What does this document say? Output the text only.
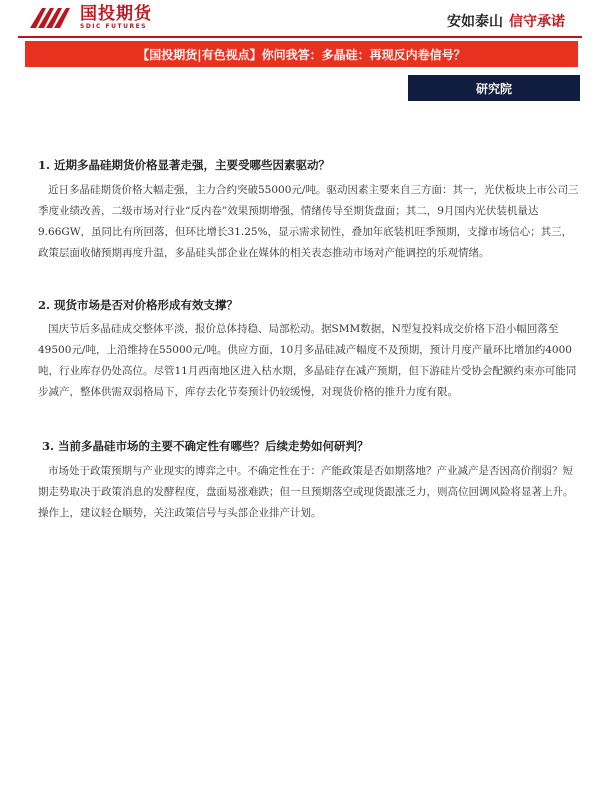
国投期货
SDIC FUTURES	安如泰山 信守承诺
【国投期货|有色视点】你问我答：多晶硅：再现反内卷信号？
研究院
1. 近期多晶硅期货价格显著走强，主要受哪些因素驱动？
近日多晶硅期货价格大幅走强，主力合约突破55000元/吨。驱动因素主要来自三方面：其一，光伏板块上市公司三季度业绩改善，二级市场对行业“反内卷”效果预期增强，情绪传导至期货盘面；其二，9月国内光伏装机量达9.66GW，虽同比有所回落，但环比增长31.25%，显示需求韧性，叠加年底装机旺季预期，支撑市场信心；其三，政策层面收储预期再度升温，多晶硅头部企业在媒体的相关表态推动市场对产能调控的乐观情绪。
2. 现货市场是否对价格形成有效支撑？
国庆节后多晶硅成交整体平淡，报价总体持稳、局部松动。据SMM数据，N型复投料成交价格下沿小幅回落至49500元/吨，上沿维持在55000元/吨。供应方面，10月多晶硅减产幅度不及预期，预计月度产量环比增加约4000吨，行业库存仍处高位。尽管11月西南地区进入枯水期，多晶硅存在减产预期，但下游硅片受协会配额约束亦可能同步减产，整体供需双弱格局下，库存去化节奏预计仍较缓慢，对现货价格的推升力度有限。
3. 当前多晶硅市场的主要不确定性有哪些？后续走势如何研判？
市场处于政策预期与产业现实的博弈之中。不确定性在于：产能政策是否如期落地？产业减产是否因高价削弱？短期走势取决于政策消息的发酵程度，盘面易涨难跌；但一旦预期落空或现货跟涨乏力，则高位回调风险将显著上升。操作上，建议轻仓顺势，关注政策信号与头部企业排产计划。
